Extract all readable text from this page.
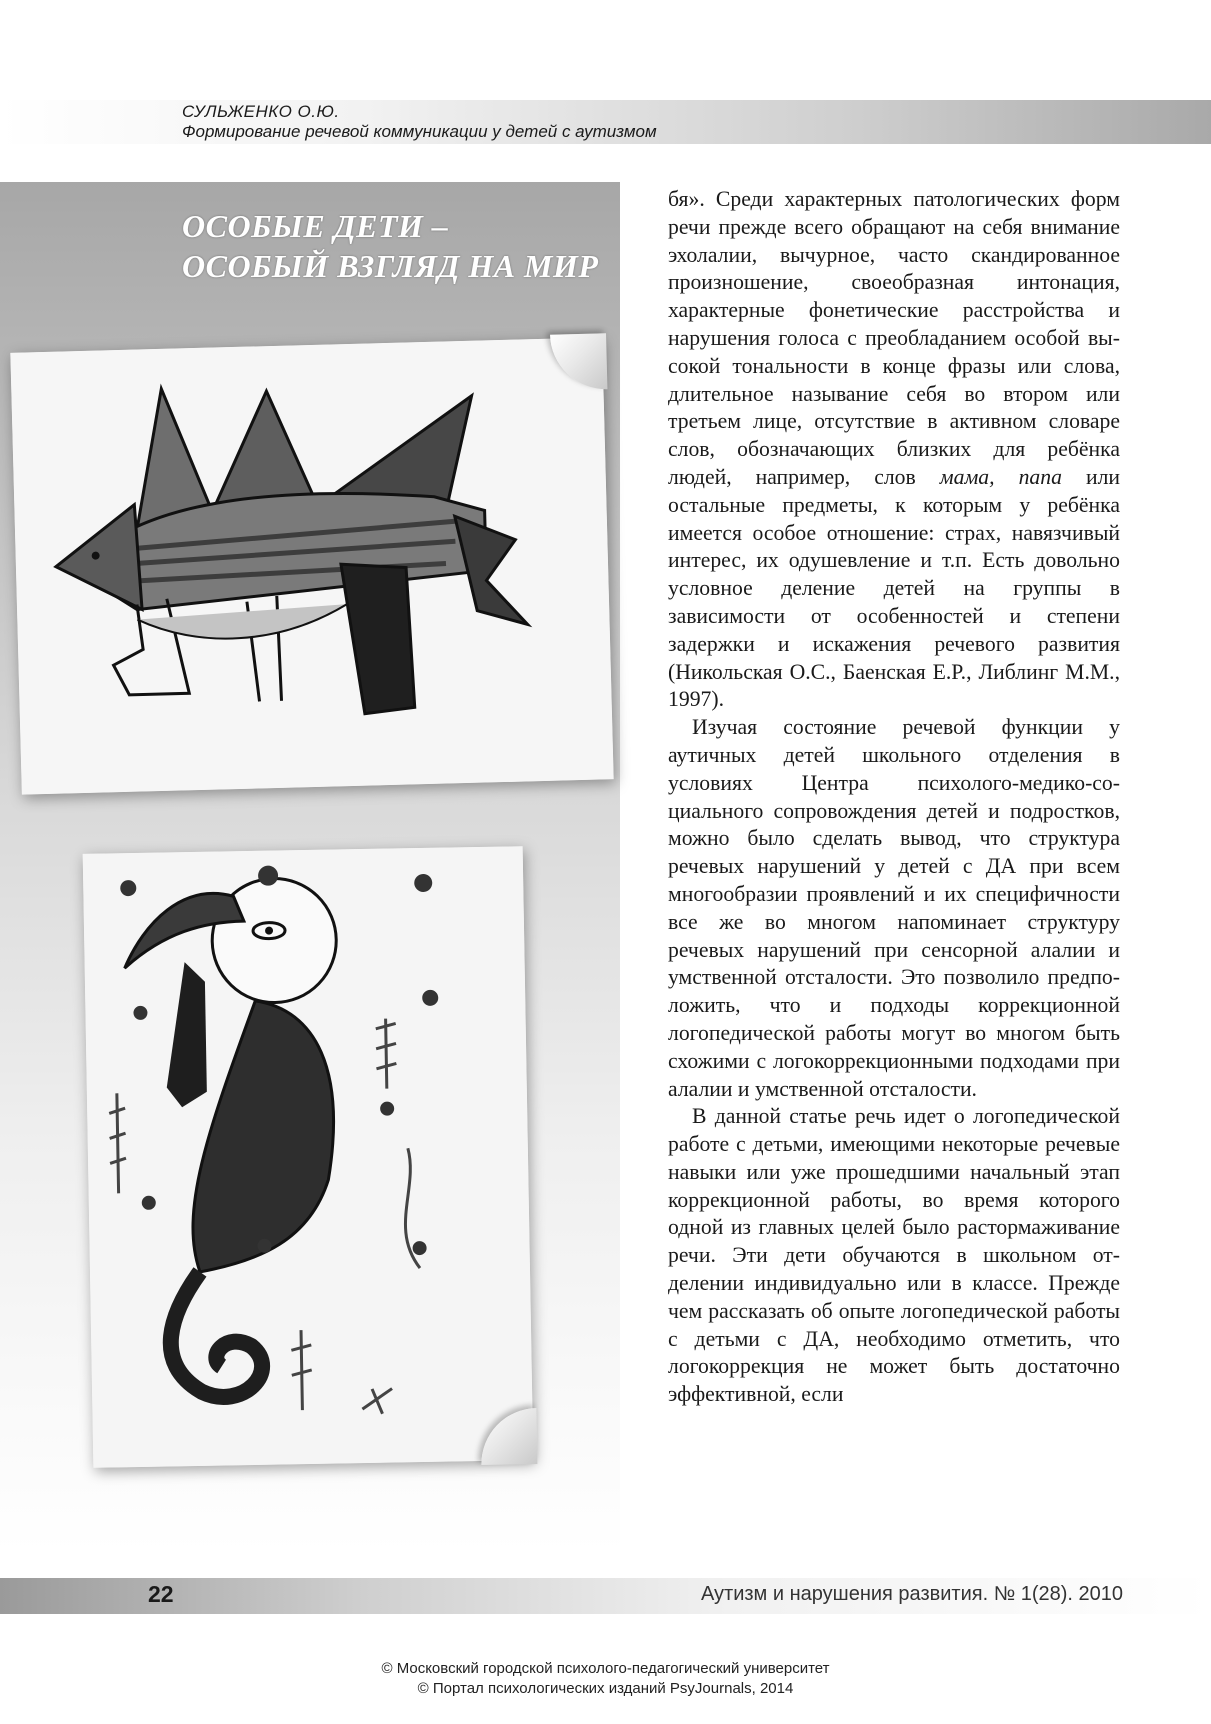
СУЛЬЖЕНКО О.Ю.
Формирование речевой коммуникации у детей с аутизмом
ОСОБЫЕ ДЕТИ –
ОСОБЫЙ ВЗГЛЯД НА МИР

бя». Среди характерных патологических форм речи прежде всего обращают на себя внимание эхолалии, вычурное, часто скандированное произношение, своеобразная интонация, характерные фонетические расстройства и нарушения голоса с преобладанием особой высокой тональности в конце фразы или слова, длительное называние себя во втором или третьем лице, отсутствие в активном словаре слов, обозначающих близких для ребёнка людей, например, слов мама, папа или остальные предметы, к которым у ребёнка имеется особое отношение: страх, навязчивый интерес, их одушевление и т.п. Есть довольно условное деление детей на группы в зависимости от особенностей и степени задержки и искажения речевого развития (Никольская О.С., Баенская Е.Р., Либлинг М.М., 1997).

Изучая состояние речевой функции у аутичных детей школьного отделения в условиях Центра психолого-медико-социального сопровождения детей и подростков, можно было сделать вывод, что структура речевых нарушений у детей с ДА при всем многообразии проявлений и их специфичности все же во многом напоминает структуру речевых нарушений при сенсорной алалии и умственной отсталости. Это позволило предположить, что и подходы коррекционной логопедической работы могут во многом быть схожими с логокоррекционными подходами при алалии и умственной отсталости.

В данной статье речь идет о логопедической работе с детьми, имеющими некоторые речевые навыки или уже прошедшими начальный этап коррекционной работы, во время которого одной из главных целей было растормаживание речи. Эти дети обучаются в школьном отделении индивидуально или в классе. Прежде чем рассказать об опыте логопедической работы с детьми с ДА, необходимо отметить, что логокоррекция не может быть достаточно эффективной, если

22	Аутизм и нарушения развития. № 1(28). 2010
© Московский городской психолого-педагогический университет
© Портал психологических изданий PsyJournals, 2014
